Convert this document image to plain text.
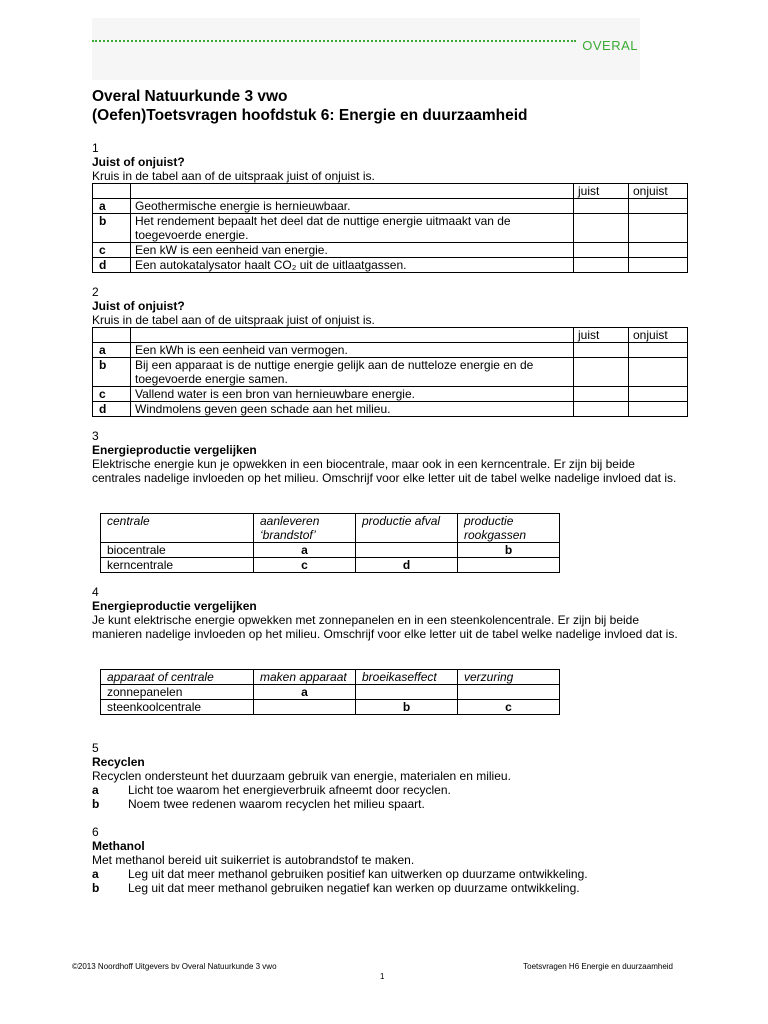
OVERAL
Overal Natuurkunde 3 vwo
(Oefen)Toetsvragen hoofdstuk 6: Energie en duurzaamheid
1
Juist of onjuist?
Kruis in de tabel aan of de uitspraak juist of onjuist is.
		juist	onjuist
a	Geothermische energie is hernieuwbaar.		
b	Het rendement bepaalt het deel dat de nuttige energie uitmaakt van de toegevoerde energie.		
c	Een kW is een eenheid van energie.		
d	Een autokatalysator haalt CO₂ uit de uitlaatgassen.		
2
Juist of onjuist?
Kruis in de tabel aan of de uitspraak juist of onjuist is.
		juist	onjuist
a	Een kWh is een eenheid van vermogen.		
b	Bij een apparaat is de nuttige energie gelijk aan de nutteloze energie en de toegevoerde energie samen.		
c	Vallend water is een bron van hernieuwbare energie.		
d	Windmolens geven geen schade aan het milieu.		
3
Energieproductie vergelijken
Elektrische energie kun je opwekken in een biocentrale, maar ook in een kerncentrale. Er zijn bij beide centrales nadelige invloeden op het milieu. Omschrijf voor elke letter uit de tabel welke nadelige invloed dat is.
centrale	aanleveren ‘brandstof’	productie afval	productie rookgassen
biocentrale	a		b
kerncentrale	c	d	
4
Energieproductie vergelijken
Je kunt elektrische energie opwekken met zonnepanelen en in een steenkolencentrale. Er zijn bij beide manieren nadelige invloeden op het milieu. Omschrijf voor elke letter uit de tabel welke nadelige invloed dat is.
apparaat of centrale	maken apparaat	broeikaseffect	verzuring
zonnepanelen	a		
steenkoolcentrale		b	c
5
Recyclen
Recyclen ondersteunt het duurzaam gebruik van energie, materialen en milieu.
a Licht toe waarom het energieverbruik afneemt door recyclen.
b Noem twee redenen waarom recyclen het milieu spaart.
6
Methanol
Met methanol bereid uit suikerriet is autobrandstof te maken.
a Leg uit dat meer methanol gebruiken positief kan uitwerken op duurzame ontwikkeling.
b Leg uit dat meer methanol gebruiken negatief kan werken op duurzame ontwikkeling.
©2013 Noordhoff Uitgevers bv Overal Natuurkunde 3 vwo	Toetsvragen H6 Energie en duurzaamheid
1
